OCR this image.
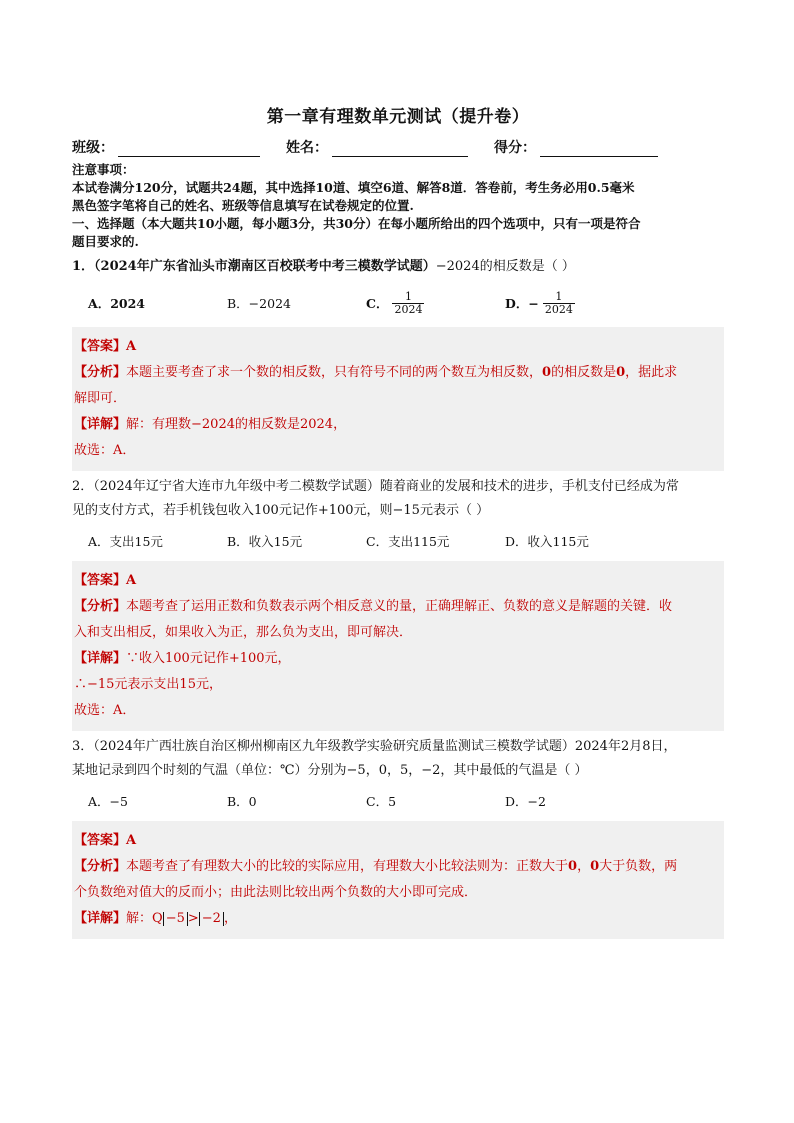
第一章有理数单元测试（提升卷）
班级：	姓名：	得分：

注意事项：

本试卷满分120分，试题共24题，其中选择10道、填空6道、解答8道．答卷前，考生务必用0.5毫米

黑色签字笔将自己的姓名、班级等信息填写在试卷规定的位置.

一、选择题（本大题共10小题，每小题3分，共30分）在每小题所给出的四个选项中，只有一项是符合

题目要求的.

1．（2024年广东省汕头市潮南区百校联考中考三模数学试题）−2024的相反数是（ ）
A．2024	B．−2024	C． $\frac{1}{2024}$	D．− $\frac{1}{2024}$
【答案】A
【分析】本题主要考查了求一个数的相反数，只有符号不同的两个数互为相反数，0的相反数是0，据此求
解即可．
【详解】解：有理数−2024的相反数是2024，
故选：A．
2．（2024年辽宁省大连市九年级中考二模数学试题）随着商业的发展和技术的进步，手机支付已经成为常
见的支付方式，若手机钱包收入100元记作+100元，则−15元表示（ ）
A．支出15元	B．收入15元	C．支出115元	D．收入115元
【答案】A
【分析】本题考查了运用正数和负数表示两个相反意义的量，正确理解正、负数的意义是解题的关键．收
入和支出相反，如果收入为正，那么负为支出，即可解决．
【详解】∵收入100元记作+100元，
∴−15元表示支出15元，
故选：A．
3．（2024年广西壮族自治区柳州柳南区九年级教学实验研究质量监测试三模数学试题）2024年2月8日，
某地记录到四个时刻的气温（单位：℃）分别为−5，0，5，−2，其中最低的气温是（ ）
A．−5	B．0	C．5	D．−2
【答案】A
【分析】本题考查了有理数大小的比较的实际应用，有理数大小比较法则为：正数大于0，0大于负数，两
个负数绝对值大的反而小；由此法则比较出两个负数的大小即可完成．
【详解】解：Q −5 > −2 ，
